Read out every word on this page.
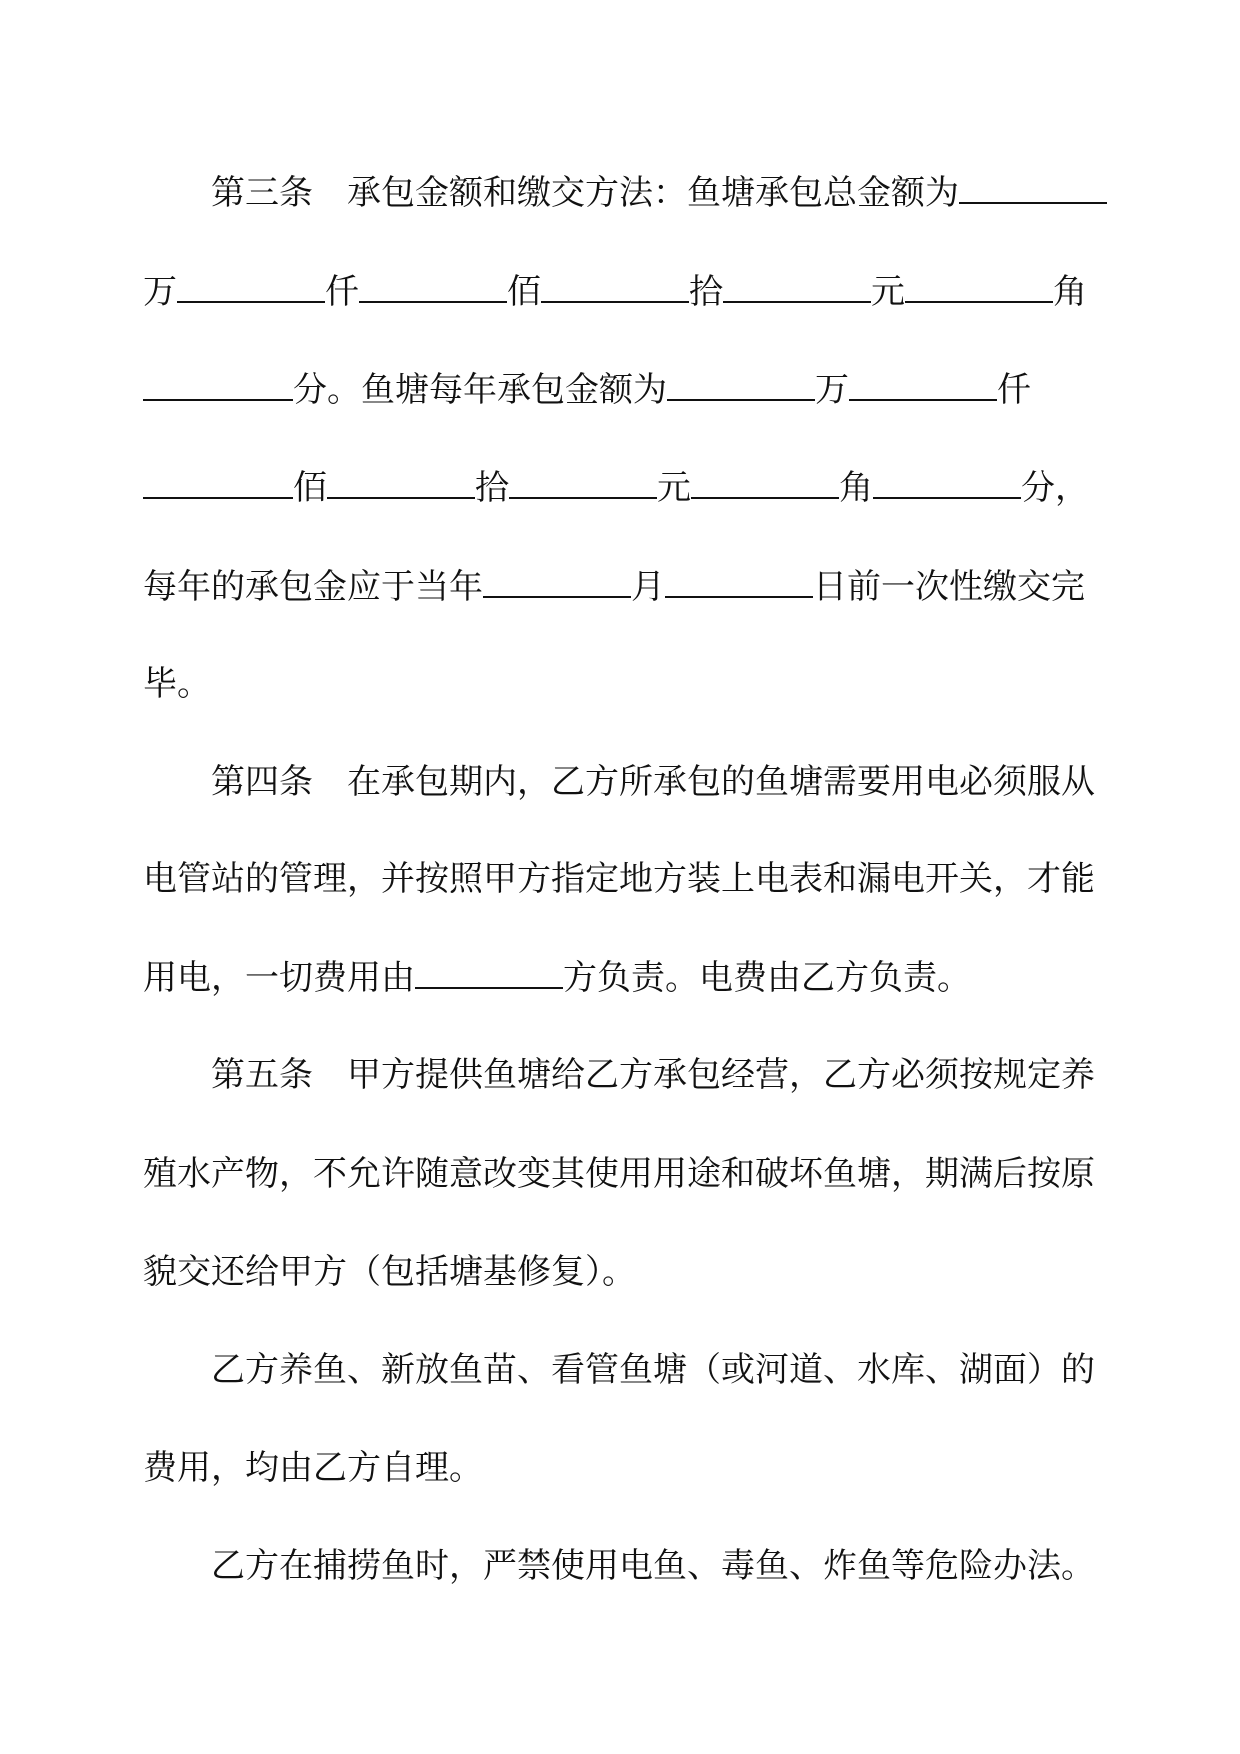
第三条 承包金额和缴交方法：鱼塘承包总金额为

万	仟	佰	拾	元	角

分。鱼塘每年承包金额为	万	仟

佰	拾	元	角	分，

每年的承包金应于当年	月	日前一次性缴交完

毕。

第四条 在承包期内，乙方所承包的鱼塘需要用电必须服从

电管站的管理，并按照甲方指定地方装上电表和漏电开关，才能

用电，一切费用由	方负责。电费由乙方负责。

第五条 甲方提供鱼塘给乙方承包经营，乙方必须按规定养

殖水产物，不允许随意改变其使用用途和破坏鱼塘，期满后按原

貌交还给甲方（包括塘基修复）。

乙方养鱼、新放鱼苗、看管鱼塘（或河道、水库、湖面）的

费用，均由乙方自理。

乙方在捕捞鱼时，严禁使用电鱼、毒鱼、炸鱼等危险办法。
